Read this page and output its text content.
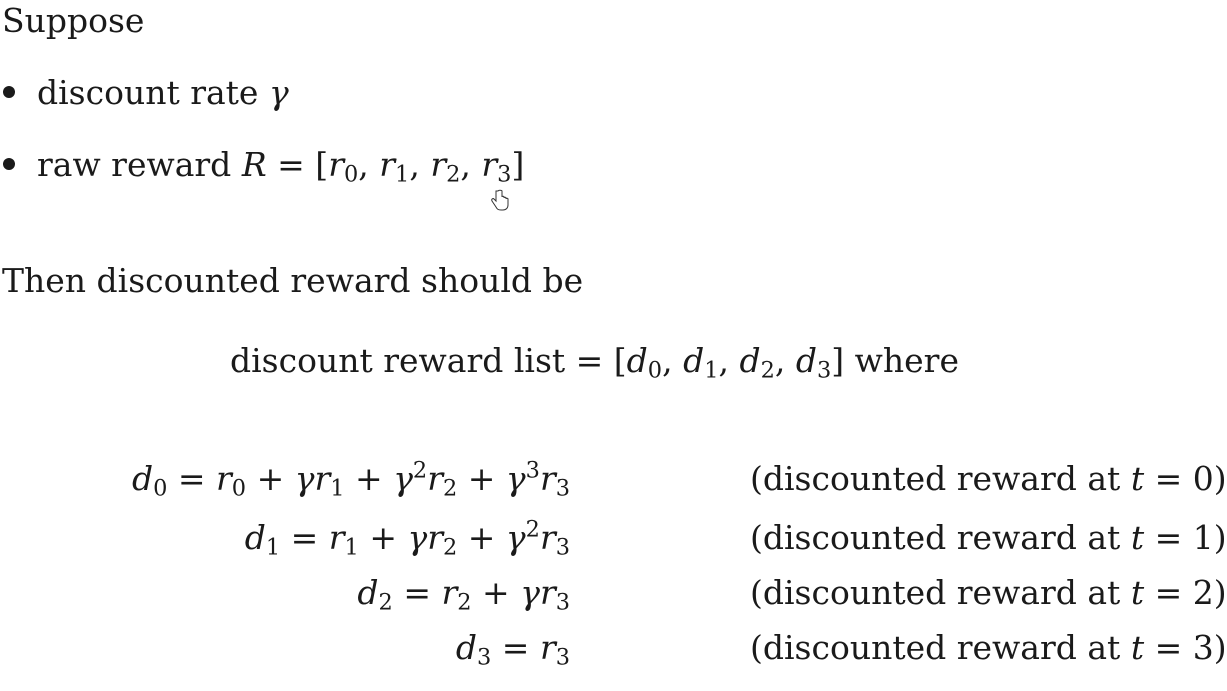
Suppose
discount rate γ
raw reward $R = [r_0$, $r_1$, $r_2$, $r_3$]
Then discounted reward should be
discount reward list = [$d_0$, $d_1$, $d_2$, $d_3$] where
$d_0 = r_0 + \gamma r_1 + \gamma^2r_2 + \gamma^3r_3$	(discounted reward at t = 0)
$d_1 = r_1 + \gamma r_2 + \gamma^2r_3$	(discounted reward at t = 1)
$d_2 = r_2 + \gamma r_3$	(discounted reward at t = 2)
$d_3 = r_3$	(discounted reward at t = 3)
